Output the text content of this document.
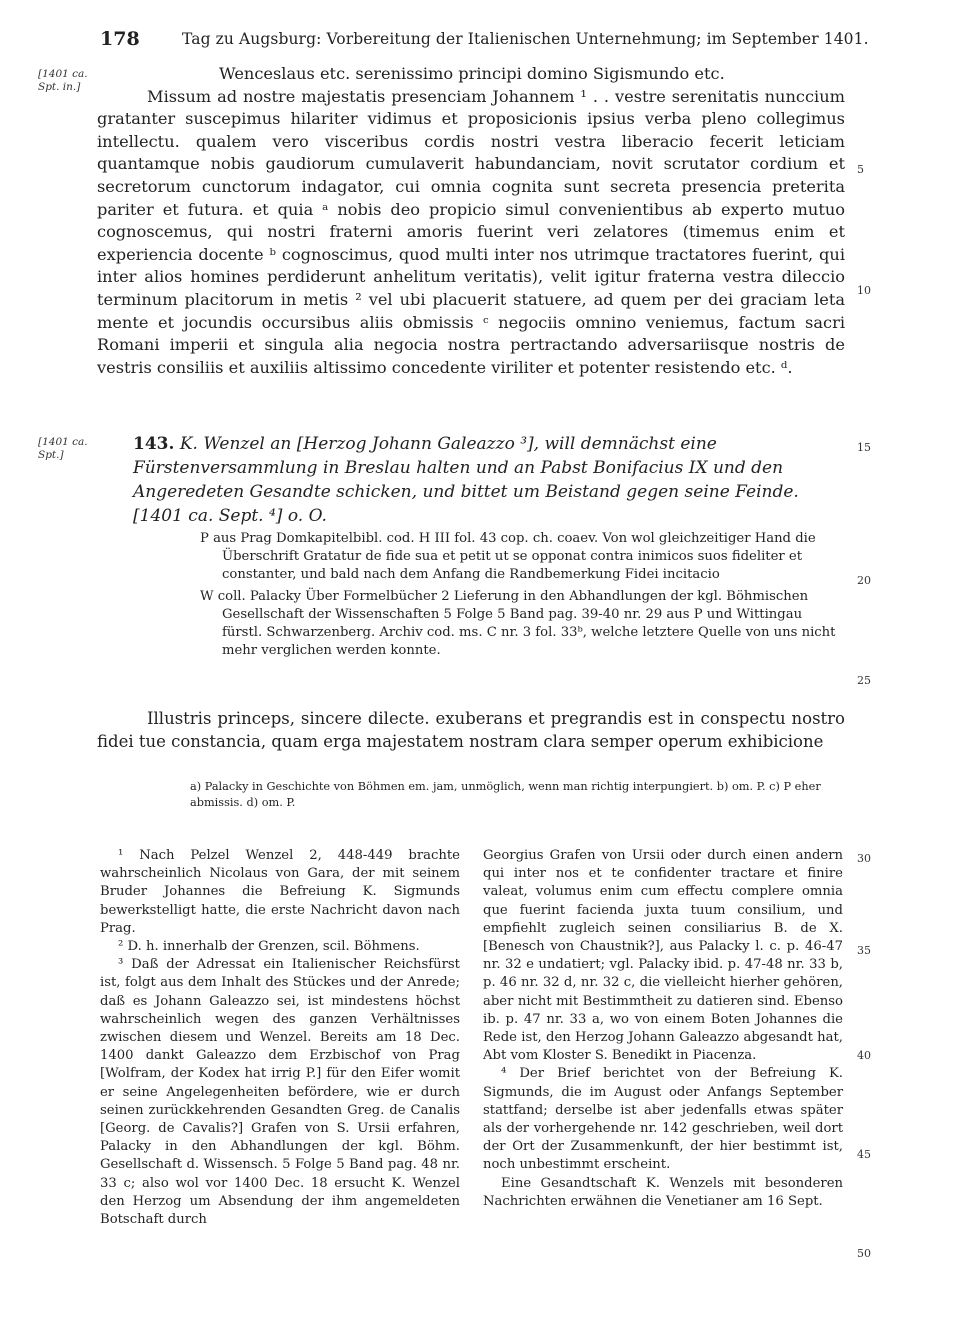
178	Tag zu Augsburg: Vorbereitung der Italienischen Unternehmung; im September 1401.
[1401 ca. Spt. in.]
[1401 ca. Spt.]
5
10
15
20
25
30
35
40
45
50

Wenceslaus etc. serenissimo principi domino Sigismundo etc.

Missum ad nostre majestatis presenciam Johannem ¹ . . vestre serenitatis nunccium gratanter suscepimus hilariter vidimus et proposicionis ipsius verba pleno collegimus intellectu. qualem vero visceribus cordis nostri vestra liberacio fecerit leticiam quantamque nobis gaudiorum cumulaverit habundanciam, novit scrutator cordium et secretorum cunctorum indagator, cui omnia cognita sunt secreta presencia preterita pariter et futura. et quia ᵃ nobis deo propicio simul convenientibus ab experto mutuo cognoscemus, qui nostri fraterni amoris fuerint veri zelatores (timemus enim et experiencia docente ᵇ cognoscimus, quod multi inter nos utrimque tractatores fuerint, qui inter alios homines perdiderunt anhelitum veritatis), velit igitur fraterna vestra dileccio terminum placitorum in metis ² vel ubi placuerit statuere, ad quem per dei graciam leta mente et jocundis occursibus aliis obmissis ᶜ negociis omnino veniemus, factum sacri Romani imperii et singula alia negocia nostra pertractando adversariisque nostris de vestris consiliis et auxiliis altissimo concedente viriliter et potenter resistendo etc. ᵈ.

143. K. Wenzel an [Herzog Johann Galeazzo ³], will demnächst eine Fürstenversammlung in Breslau halten und an Pabst Bonifacius IX und den Angeredeten Gesandte schicken, und bittet um Beistand gegen seine Feinde. [1401 ca. Sept. ⁴] o. O.

P aus Prag Domkapitelbibl. cod. H III fol. 43 cop. ch. coaev. Von wol gleichzeitiger Hand die Überschrift Gratatur de fide sua et petit ut se opponat contra inimicos suos fideliter et constanter, und bald nach dem Anfang die Randbemerkung Fidei incitacio

W coll. Palacky Über Formelbücher 2 Lieferung in den Abhandlungen der kgl. Böhmischen Gesellschaft der Wissenschaften 5 Folge 5 Band pag. 39-40 nr. 29 aus P und Wittingau fürstl. Schwarzenberg. Archiv cod. ms. C nr. 3 fol. 33ᵇ, welche letztere Quelle von uns nicht mehr verglichen werden konnte.

Illustris princeps, sincere dilecte. exuberans et pregrandis est in conspectu nostro fidei tue constancia, quam erga majestatem nostram clara semper operum exhibicione

a) Palacky in Geschichte von Böhmen em. jam, unmöglich, wenn man richtig interpungiert. b) om. P. c) P eher abmissis. d) om. P.

¹ Nach Pelzel Wenzel 2, 448-449 brachte wahrscheinlich Nicolaus von Gara, der mit seinem Bruder Johannes die Befreiung K. Sigmunds bewerkstelligt hatte, die erste Nachricht davon nach Prag.

² D. h. innerhalb der Grenzen, scil. Böhmens.

³ Daß der Adressat ein Italienischer Reichsfürst ist, folgt aus dem Inhalt des Stückes und der Anrede; daß es Johann Galeazzo sei, ist mindestens höchst wahrscheinlich wegen des ganzen Verhältnisses zwischen diesem und Wenzel. Bereits am 18 Dec. 1400 dankt Galeazzo dem Erzbischof von Prag [Wolfram, der Kodex hat irrig P.] für den Eifer womit er seine Angelegenheiten befördere, wie er durch seinen zurückkehrenden Gesandten Greg. de Canalis [Georg. de Cavalis?] Grafen von S. Ursii erfahren, Palacky in den Abhandlungen der kgl. Böhm. Gesellschaft d. Wissensch. 5 Folge 5 Band pag. 48 nr. 33 c; also wol vor 1400 Dec. 18 ersucht K. Wenzel den Herzog um Absendung der ihm angemeldeten Botschaft durch

Georgius Grafen von Ursii oder durch einen andern qui inter nos et te confidenter tractare et finire valeat, volumus enim cum effectu complere omnia que fuerint facienda juxta tuum consilium, und empfiehlt zugleich seinen consiliarius B. de X. [Benesch von Chaustnik?], aus Palacky l. c. p. 46-47 nr. 32 e undatiert; vgl. Palacky ibid. p. 47-48 nr. 33 b, p. 46 nr. 32 d, nr. 32 c, die vielleicht hierher gehören, aber nicht mit Bestimmtheit zu datieren sind. Ebenso ib. p. 47 nr. 33 a, wo von einem Boten Johannes die Rede ist, den Herzog Johann Galeazzo abgesandt hat, Abt vom Kloster S. Benedikt in Piacenza.

⁴ Der Brief berichtet von der Befreiung K. Sigmunds, die im August oder Anfangs September stattfand; derselbe ist aber jedenfalls etwas später als der vorhergehende nr. 142 geschrieben, weil dort der Ort der Zusammenkunft, der hier bestimmt ist, noch unbestimmt erscheint.

Eine Gesandtschaft K. Wenzels mit besonderen Nachrichten erwähnen die Venetianer am 16 Sept.
